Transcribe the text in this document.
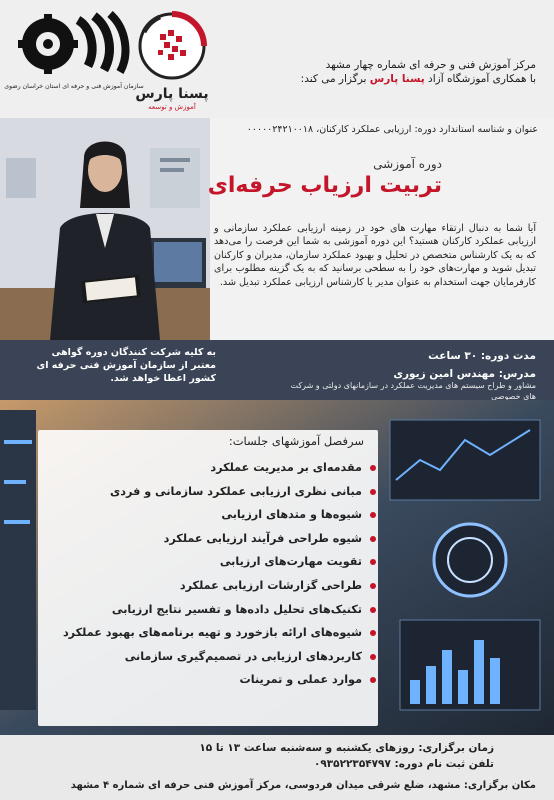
پسنا پارس
آموزش و توسعه
سازمان آموزش فنی و حرفه ای استان خراسان رضوی
مرکز آموزش فنی و حرفه ای شماره چهار مشهد
با همکاری آموزشگاه آزاد پسنا پارس برگزار می کند:
عنوان و شناسه استاندارد دوره: ارزیابی عملکرد کارکنان، ۰۰۰۰۰۲۴۲۱۰۰۱۸
دوره آموزشی
تربیت ارزیاب حرفه‌ای
آیا شما به دنبال ارتقاء مهارت های خود در زمینه ارزیابی عملکرد سازمانی و ارزیابی عملکرد کارکنان هستید؟ این دوره آموزشی به شما این فرصت را می‌دهد که به یک کارشناس متخصص در تحلیل و بهبود عملکرد سازمان، مدیران و کارکنان تبدیل شوید و مهارت‌های خود را به سطحی برسانید که به یک گزینه مطلوب برای کارفرمایان جهت استخدام به عنوان مدیر یا کارشناس ارزیابی عملکرد تبدیل شد.
مدت دوره: ۳۰ ساعت
مدرس: مهندس امین زیوری
مشاور و طراح سیستم های مدیریت عملکرد در سازمانهای دولتی و شرکت های خصوصی
به کلیه شرکت کنندگان دوره گواهی معتبر از سازمان آموزش فنی حرفه ای کشور اعطا خواهد شد.
سرفصل آموزشهای جلسات:
مقدمه‌ای بر مدیریت عملکرد
مبانی نظری ارزیابی عملکرد سازمانی و فردی
شیوه‌ها و متدهای ارزیابی
شیوه طراحی فرآیند ارزیابی عملکرد
تقویت مهارت‌های ارزیابی
طراحی گزارشات ارزیابی عملکرد
تکنیک‌های تحلیل داده‌ها و تفسیر نتایج ارزیابی
شیوه‌های ارائه بازخورد و تهیه برنامه‌های بهبود عملکرد
کاربردهای ارزیابی در تصمیم‌گیری سازمانی
موارد عملی و تمرینات
زمان برگزاری: روزهای یکشنبه و سه‌شنبه ساعت ۱۳ تا ۱۵
تلفن ثبت نام دوره: ۰۹۳۵۲۲۳۵۴۷۹۷
مکان برگزاری: مشهد، ضلع شرقی میدان فردوسی، مرکز آموزش فنی حرفه ای شماره ۴ مشهد
